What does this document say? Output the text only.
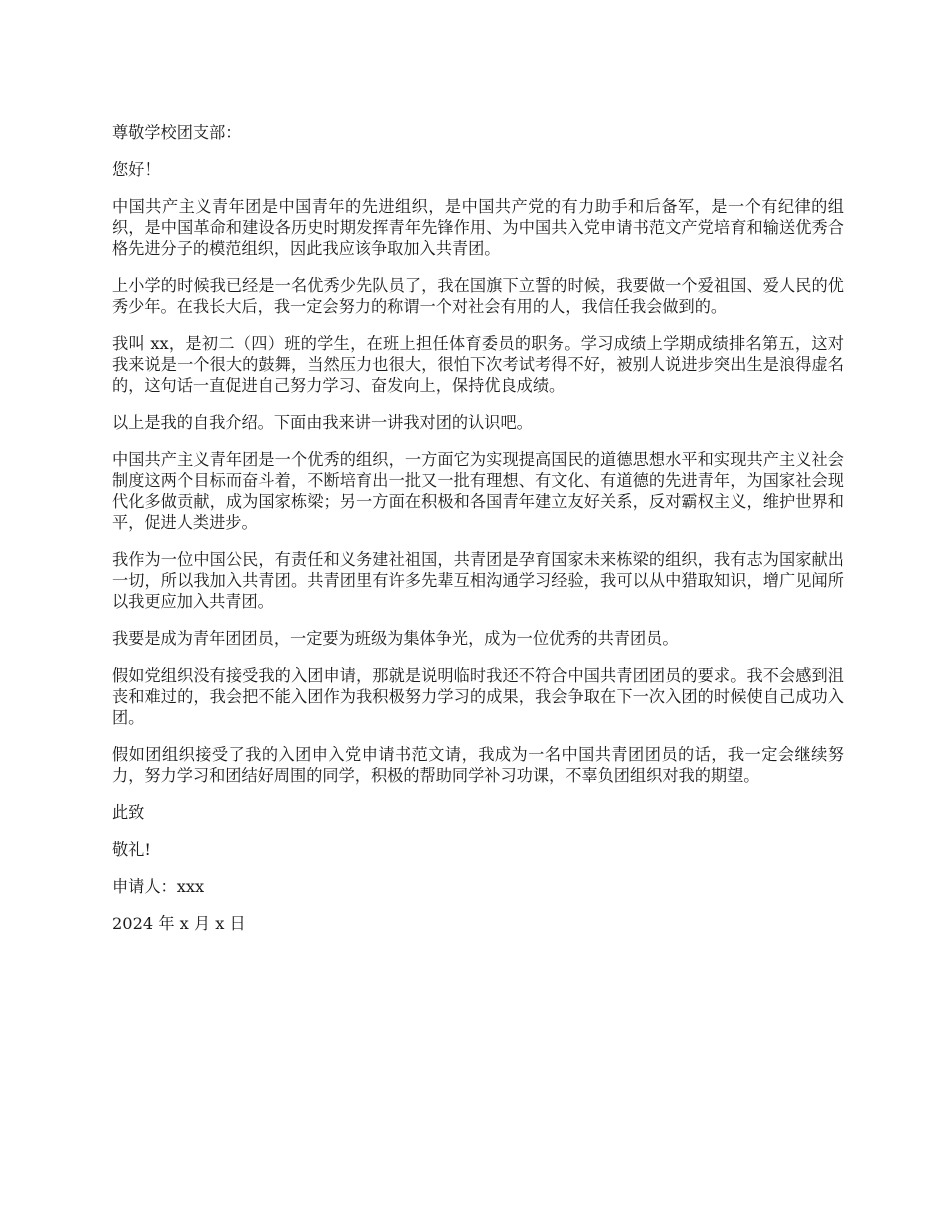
尊敬学校团支部：

您好！

中国共产主义青年团是中国青年的先进组织，是中国共产党的有力助手和后备军，是一个有纪律的组织，是中国革命和建设各历史时期发挥青年先锋作用、为中国共入党申请书范文产党培育和输送优秀合格先进分子的模范组织，因此我应该争取加入共青团。

上小学的时候我已经是一名优秀少先队员了，我在国旗下立誓的时候，我要做一个爱祖国、爱人民的优秀少年。在我长大后，我一定会努力的称谓一个对社会有用的人，我信任我会做到的。

我叫 xx，是初二（四）班的学生，在班上担任体育委员的职务。学习成绩上学期成绩排名第五，这对我来说是一个很大的鼓舞，当然压力也很大，很怕下次考试考得不好，被别人说进步突出生是浪得虚名的，这句话一直促进自己努力学习、奋发向上，保持优良成绩。

以上是我的自我介绍。下面由我来讲一讲我对团的认识吧。

中国共产主义青年团是一个优秀的组织，一方面它为实现提高国民的道德思想水平和实现共产主义社会制度这两个目标而奋斗着，不断培育出一批又一批有理想、有文化、有道德的先进青年，为国家社会现代化多做贡献，成为国家栋梁；另一方面在积极和各国青年建立友好关系，反对霸权主义，维护世界和平，促进人类进步。

我作为一位中国公民，有责任和义务建社祖国，共青团是孕育国家未来栋梁的组织，我有志为国家献出一切，所以我加入共青团。共青团里有许多先辈互相沟通学习经验，我可以从中猎取知识，增广见闻所以我更应加入共青团。

我要是成为青年团团员，一定要为班级为集体争光，成为一位优秀的共青团员。

假如党组织没有接受我的入团申请，那就是说明临时我还不符合中国共青团团员的要求。我不会感到沮丧和难过的，我会把不能入团作为我积极努力学习的成果，我会争取在下一次入团的时候使自己成功入团。

假如团组织接受了我的入团申入党申请书范文请，我成为一名中国共青团团员的话，我一定会继续努力，努力学习和团结好周围的同学，积极的帮助同学补习功课，不辜负团组织对我的期望。

此致

敬礼!

申请人：xxx

2024 年 x 月 x 日
